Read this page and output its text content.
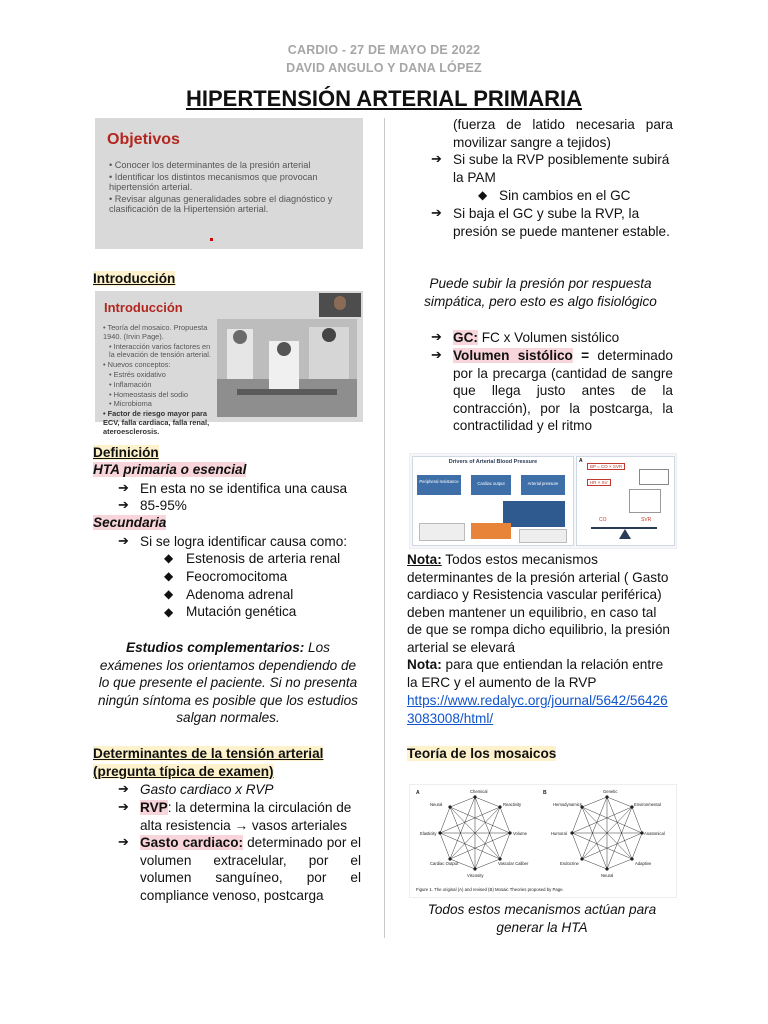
CARDIO - 27 DE MAYO DE 2022
DAVID ANGULO Y DANA LÓPEZ
HIPERTENSIÓN ARTERIAL PRIMARIA
Objetivos
• Conocer los determinantes de la presión arterial
• Identificar los distintos mecanismos que provocan hipertensión arterial.
• Revisar algunas generalidades sobre el diagnóstico y clasificación de la Hipertensión arterial.
Introducción
Introducción
• Teoría del mosaico. Propuesta 1940. (Irvin Page).
• Interacción varios factores en la elevación de tensión arterial.
• Nuevos conceptos:
• Estrés oxidativo
• Inflamación
• Homeostasis del sodio
• Microbioma
• Factor de riesgo mayor para ECV, falla cardiaca, falla renal, ateroesclerosis.
Definición
HTA primaria o esencial
➔ En esta no se identifica una causa
➔ 85-95%
Secundaria
➔ Si se logra identificar causa como:
◆ Estenosis de arteria renal
◆ Feocromocitoma
◆ Adenoma adrenal
◆ Mutación genética
Estudios complementarios: Los exámenes los orientamos dependiendo de lo que presente el paciente. Si no presenta ningún síntoma es posible que los estudios salgan normales.
Determinantes de la tensión arterial
(pregunta típica de examen)
➔ Gasto cardiaco x RVP
➔ RVP: la determina la circulación de alta resistencia → vasos arteriales
➔ Gasto cardiaco: determinado por el volumen extracelular, por el volumen sanguíneo, por el compliance venoso, postcarga
(fuerza de latido necesaria para movilizar sangre a tejidos)
➔ Si sube la RVP posiblemente subirá la PAM
◆ Sin cambios en el GC
➔ Si baja el GC y sube la RVP, la presión se puede mantener estable.
Puede subir la presión por respuesta simpática, pero esto es algo fisiológico
➔ GC: FC x Volumen sistólico
➔ Volumen sistólico = determinado por la precarga (cantidad de sangre que llega justo antes de la contracción), por la postcarga, la contractilidad y el ritmo
Drivers of Arterial Blood Pressure
Peripheral resistance	Cardiac output	Arterial pressure
A
BP = CO × SVR
HR × SV
CO	SVR
Nota: Todos estos mecanismos determinantes de la presión arterial ( Gasto cardiaco y Resistencia vascular periférica) deben mantener un equilibrio, en caso tal de que se rompa dicho equilibrio, la presión arterial se elevará
Nota: para que entiendan la relación entre la ERC y el aumento de la RVP
https://www.redalyc.org/journal/5642/564263083008/html/
Teoría de los mosaicos
A	B
Chemical
Neural	Reactivity
Elasticity	Volume
Cardiac Output	Vascular Caliber
Viscosity
Genetic
Hemodynamics	Environmental
Humoral	Anatomical
Endocrine	Adaptive
Neural
Figure 1. The original (A) and revised (B) Mosaic Theories proposed by Page.
Todos estos mecanismos actúan para generar la HTA
